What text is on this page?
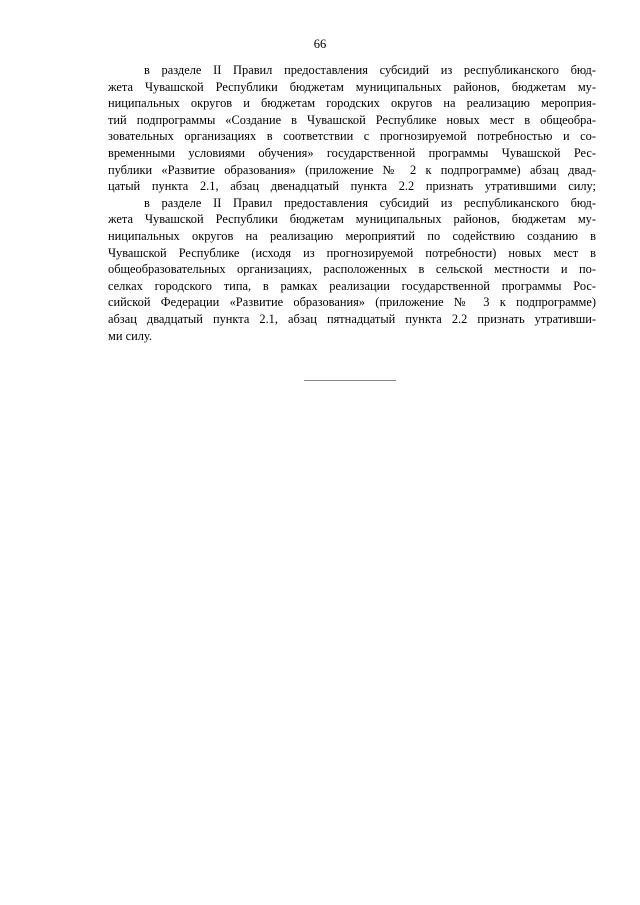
66

в разделе II Правил предоставления субсидий из республиканского бюд-
жета Чувашской Республики бюджетам муниципальных районов, бюджетам му-
ниципальных округов и бюджетам городских округов на реализацию мероприя-
тий подпрограммы «Создание в Чувашской Республике новых мест в общеобра-
зовательных организациях в соответствии с прогнозируемой потребностью и со-
временными условиями обучения» государственной программы Чувашской Рес-
публики «Развитие образования» (приложение № 2 к подпрограмме) абзац двад-
цатый пункта 2.1, абзац двенадцатый пункта 2.2 признать утратившими силу;

в разделе II Правил предоставления субсидий из республиканского бюд-
жета Чувашской Республики бюджетам муниципальных районов, бюджетам му-
ниципальных округов на реализацию мероприятий по содействию созданию в
Чувашской Республике (исходя из прогнозируемой потребности) новых мест в
общеобразовательных организациях, расположенных в сельской местности и по-
селках городского типа, в рамках реализации государственной программы Рос-
сийской Федерации «Развитие образования» (приложение № 3 к подпрограмме)
абзац двадцатый пункта 2.1, абзац пятнадцатый пункта 2.2 признать утративши-
ми силу.
